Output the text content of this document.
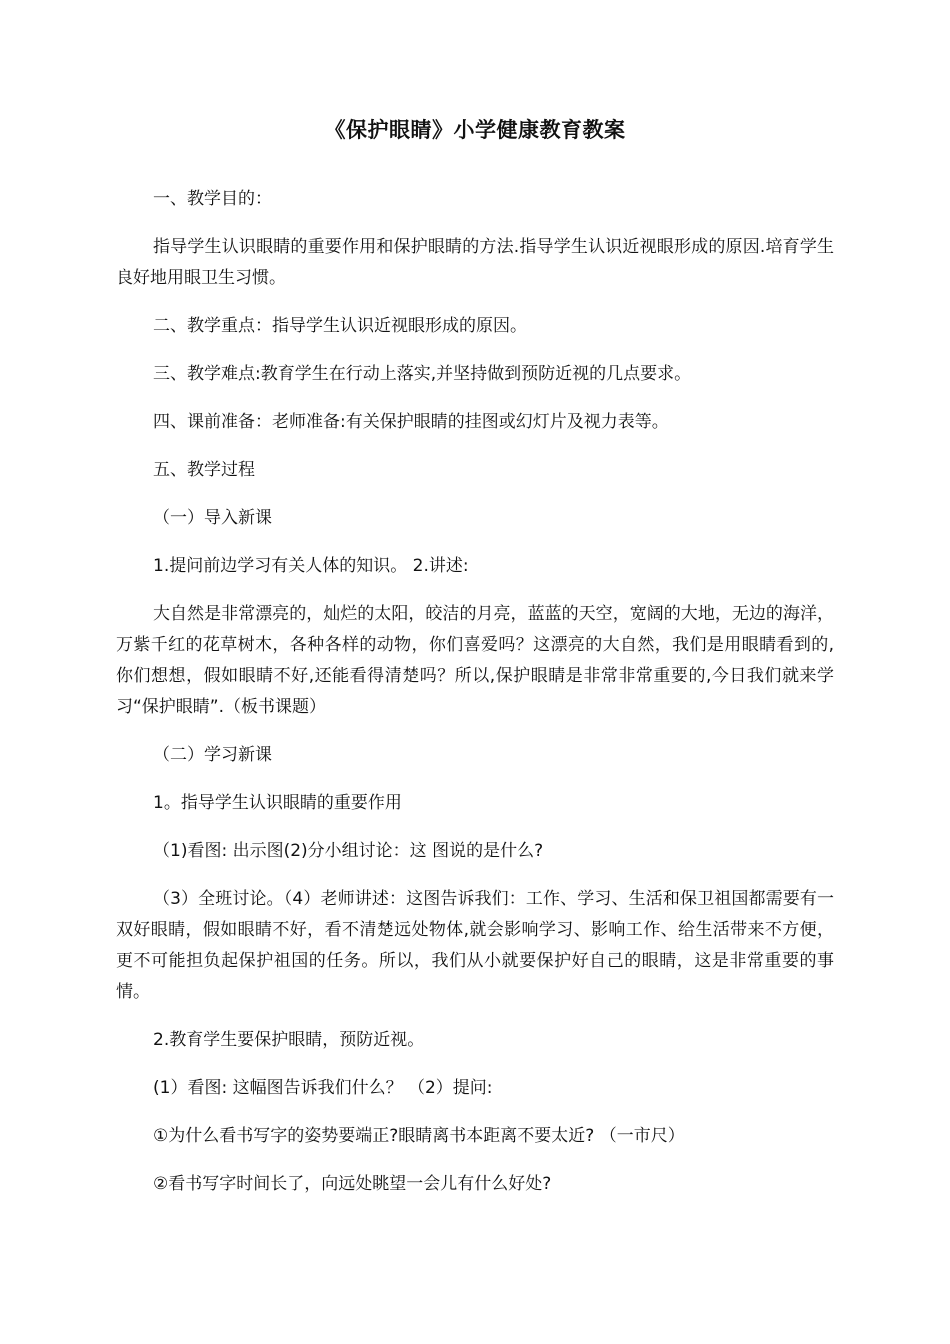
《保护眼睛》小学健康教育教案

一、教学目的：

指导学生认识眼睛的重要作用和保护眼睛的方法.指导学生认识近视眼形成的原因.培育学生良好地用眼卫生习惯。

二、教学重点：指导学生认识近视眼形成的原因。

三、教学难点:教育学生在行动上落实,并坚持做到预防近视的几点要求。

四、课前准备：老师准备:有关保护眼睛的挂图或幻灯片及视力表等。

五、教学过程

（一）导入新课

1.提问前边学习有关人体的知识。 2.讲述:

大自然是非常漂亮的，灿烂的太阳，皎洁的月亮，蓝蓝的天空，宽阔的大地，无边的海洋，万紫千红的花草树木，各种各样的动物，你们喜爱吗？这漂亮的大自然，我们是用眼睛看到的,你们想想，假如眼睛不好,还能看得清楚吗？所以,保护眼睛是非常非常重要的,今日我们就来学习“保护眼睛”.（板书课题）

（二）学习新课

1。指导学生认识眼睛的重要作用

（1)看图: 出示图(2)分小组讨论：这 图说的是什么?

（3）全班讨论。（4）老师讲述：这图告诉我们：工作、学习、生活和保卫祖国都需要有一双好眼睛，假如眼睛不好，看不清楚远处物体,就会影响学习、影响工作、给生活带来不方便，更不可能担负起保护祖国的任务。所以，我们从小就要保护好自己的眼睛，这是非常重要的事情。

2.教育学生要保护眼睛，预防近视。

(1）看图: 这幅图告诉我们什么？ （2）提问:

①为什么看书写字的姿势要端正?眼睛离书本距离不要太近? （一市尺）

②看书写字时间长了，向远处眺望一会儿有什么好处?
